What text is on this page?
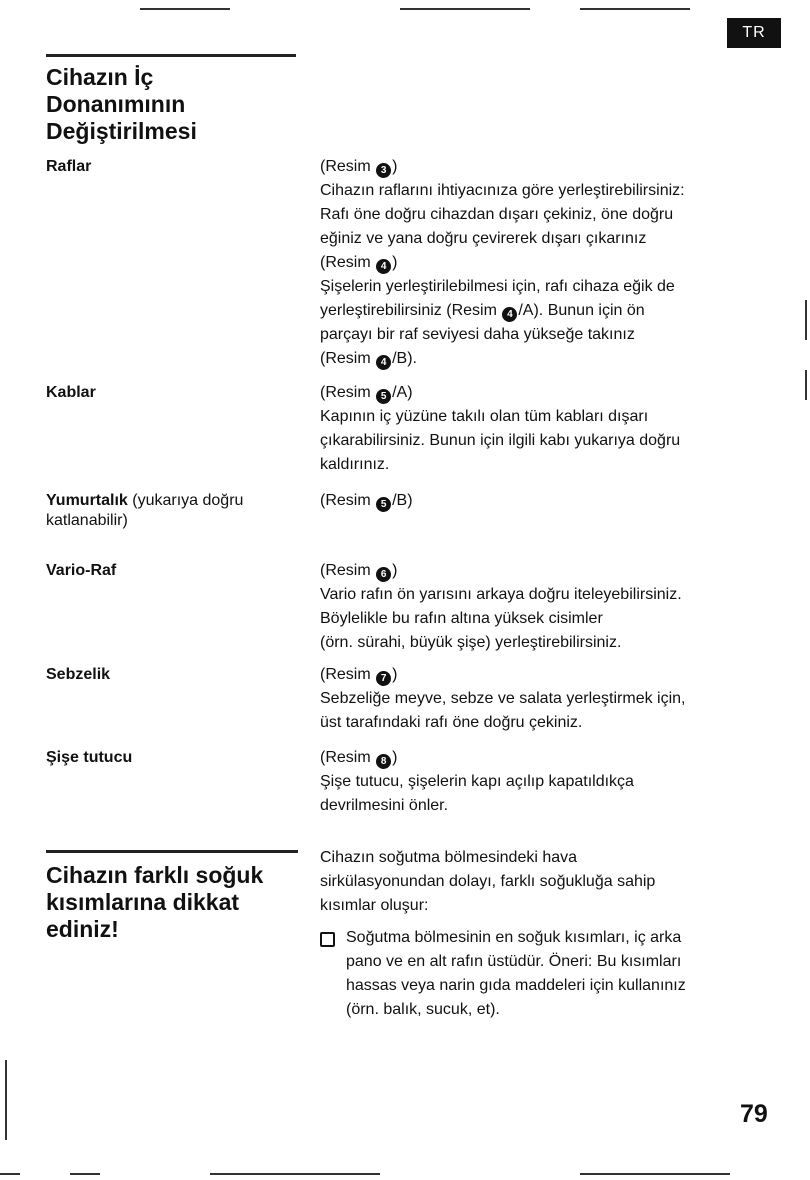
TR
Cihazın İç
Donanımının
Değiştirilmesi
Raflar
Kablar
Yumurtalık (yukarıya doğru
katlanabilir)
Vario-Raf
Sebzelik
Şişe tutucu
(Resim 3 )
Cihazın raflarını ihtiyacınıza göre yerleştirebilirsiniz:
Rafı öne doğru cihazdan dışarı çekiniz, öne doğru
eğiniz ve yana doğru çevirerek dışarı çıkarınız
(Resim 4 )
Şişelerin yerleştirilebilmesi için, rafı cihaza eğik de
yerleştirebilirsiniz (Resim 4 /A). Bunun için ön
parçayı bir raf seviyesi daha yükseğe takınız
(Resim 4 /B).
(Resim 5 /A)
Kapının iç yüzüne takılı olan tüm kabları dışarı
çıkarabilirsiniz. Bunun için ilgili kabı yukarıya doğru
kaldırınız.
(Resim 5 /B)
(Resim 6 )
Vario rafın ön yarısını arkaya doğru iteleyebilirsiniz.
Böylelikle bu rafın altına yüksek cisimler
(örn. sürahi, büyük şişe) yerleştirebilirsiniz.
(Resim 7 )
Sebzeliğe meyve, sebze ve salata yerleştirmek için,
üst tarafındaki rafı öne doğru çekiniz.
(Resim 8 )
Şişe tutucu, şişelerin kapı açılıp kapatıldıkça
devrilmesini önler.
Cihazın farklı soğuk
kısımlarına dikkat
ediniz!
Cihazın soğutma bölmesindeki hava
sirkülasyonundan dolayı, farklı soğukluğa sahip
kısımlar oluşur:
Soğutma bölmesinin en soğuk kısımları, iç arka
pano ve en alt rafın üstüdür. Öneri: Bu kısımları
hassas veya narin gıda maddeleri için kullanınız
(örn. balık, sucuk, et).
79
